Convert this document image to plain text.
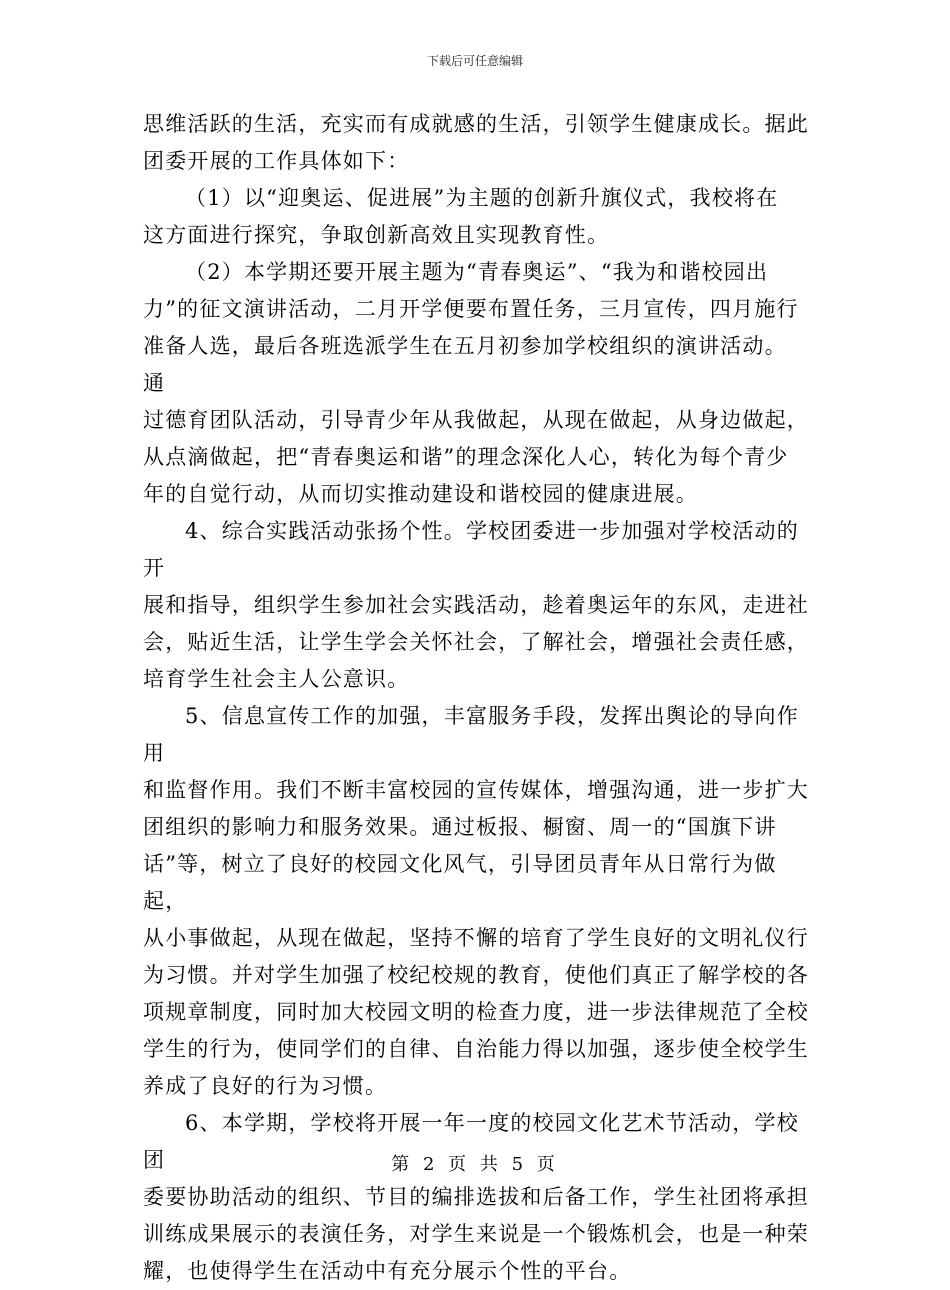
下载后可任意编辑

思维活跃的生活，充实而有成就感的生活，引领学生健康成长。据此
团委开展的工作具体如下：

（1）以“迎奥运、促进展”为主题的创新升旗仪式，我校将在
这方面进行探究，争取创新高效且实现教育性。

（2）本学期还要开展主题为“青春奥运”、“我为和谐校园出
力”的征文演讲活动，二月开学便要布置任务，三月宣传，四月施行
准备人选，最后各班选派学生在五月初参加学校组织的演讲活动。 通
过德育团队活动，引导青少年从我做起，从现在做起，从身边做起，
从点滴做起，把“青春奥运和谐”的理念深化人心，转化为每个青少
年的自觉行动，从而切实推动建设和谐校园的健康进展。

4、综合实践活动张扬个性。学校团委进一步加强对学校活动的开
展和指导，组织学生参加社会实践活动，趁着奥运年的东风，走进社
会，贴近生活，让学生学会关怀社会，了解社会，增强社会责任感，
培育学生社会主人公意识。

5、信息宣传工作的加强，丰富服务手段，发挥出舆论的导向作用
和监督作用。我们不断丰富校园的宣传媒体，增强沟通，进一步扩大
团组织的影响力和服务效果。通过板报、橱窗、周一的“国旗下讲
话”等，树立了良好的校园文化风气，引导团员青年从日常行为做起，
从小事做起，从现在做起，坚持不懈的培育了学生良好的文明礼仪行
为习惯。并对学生加强了校纪校规的教育，使他们真正了解学校的各
项规章制度，同时加大校园文明的检查力度，进一步法律规范了全校
学生的行为，使同学们的自律、自治能力得以加强，逐步使全校学生
养成了良好的行为习惯。

6、本学期，学校将开展一年一度的校园文化艺术节活动，学校团
委要协助活动的组织、节目的编排选拔和后备工作，学生社团将承担
训练成果展示的表演任务，对学生来说是一个锻炼机会，也是一种荣
耀，也使得学生在活动中有充分展示个性的平台。

第 2 页 共 5 页
